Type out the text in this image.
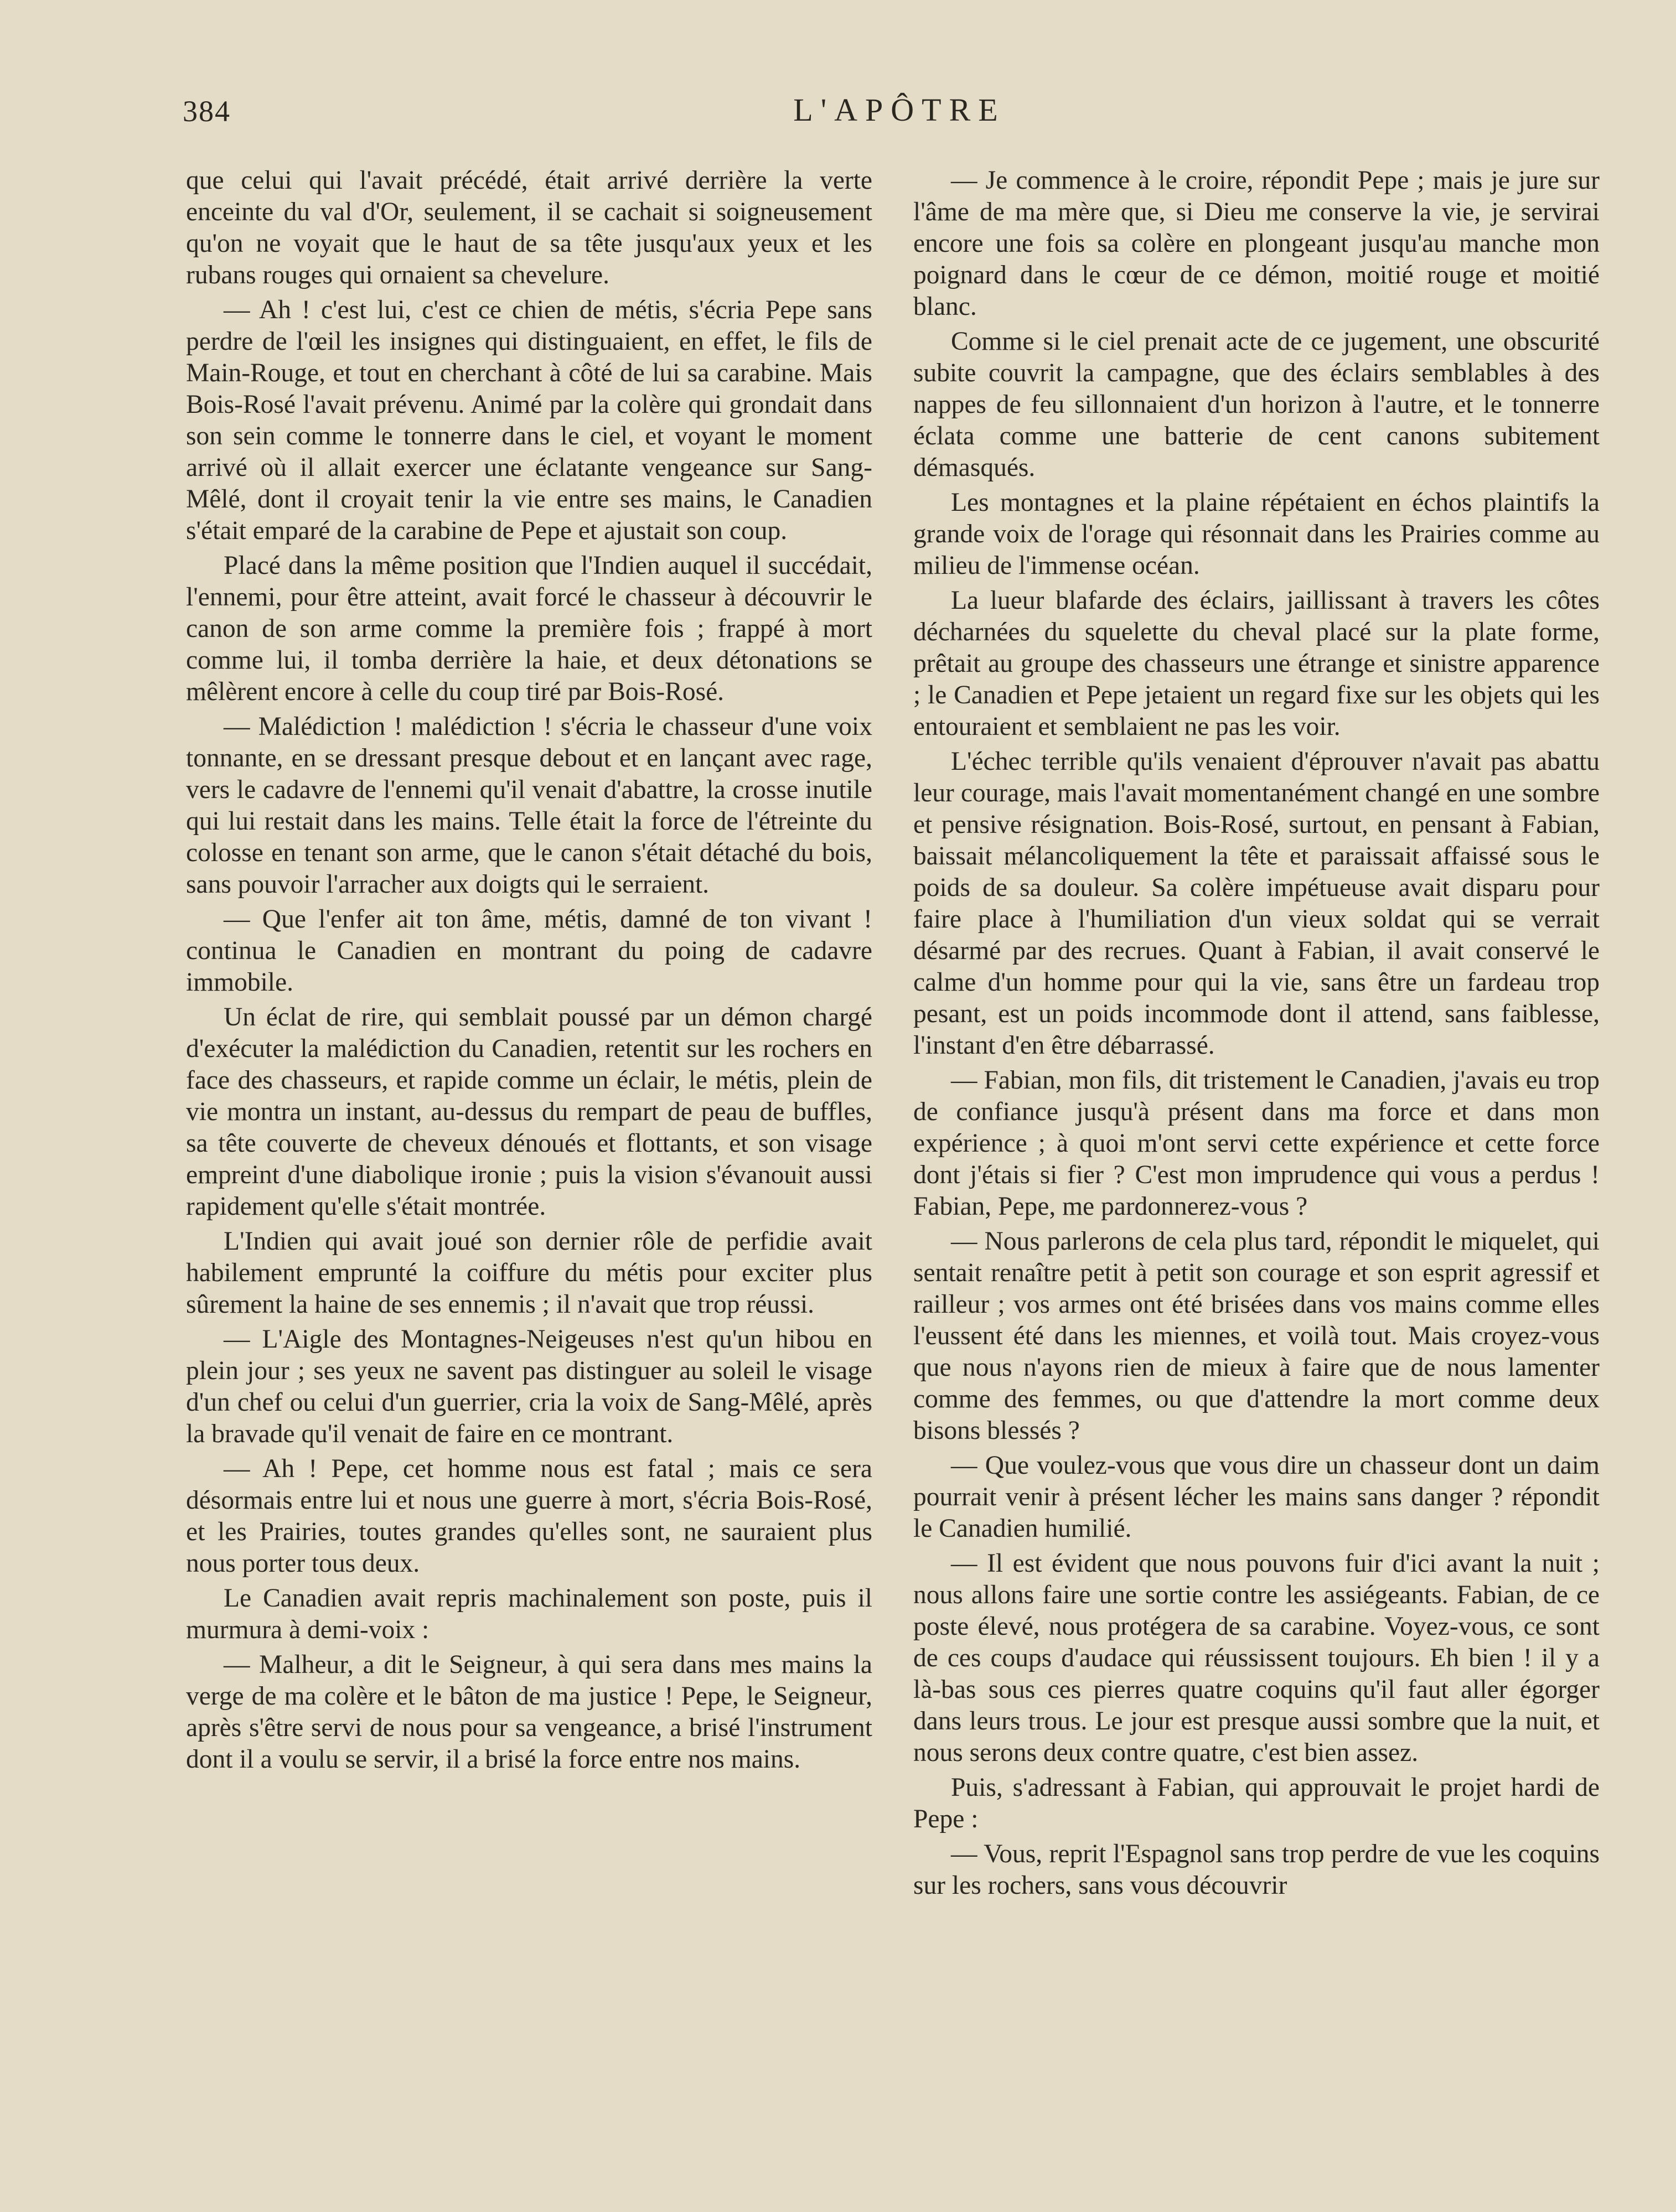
384	L'APÔTRE

que celui qui l'avait précédé, était arrivé derrière la verte enceinte du val d'Or, seulement, il se cachait si soigneusement qu'on ne voyait que le haut de sa tête jusqu'aux yeux et les rubans rouges qui ornaient sa chevelure.

— Ah ! c'est lui, c'est ce chien de métis, s'écria Pepe sans perdre de l'œil les insignes qui distinguaient, en effet, le fils de Main-Rouge, et tout en cherchant à côté de lui sa carabine. Mais Bois-Rosé l'avait prévenu. Animé par la colère qui grondait dans son sein comme le tonnerre dans le ciel, et voyant le moment arrivé où il allait exercer une éclatante vengeance sur Sang-Mêlé, dont il croyait tenir la vie entre ses mains, le Canadien s'était emparé de la carabine de Pepe et ajustait son coup.

Placé dans la même position que l'Indien auquel il succédait, l'ennemi, pour être atteint, avait forcé le chasseur à découvrir le canon de son arme comme la première fois ; frappé à mort comme lui, il tomba derrière la haie, et deux détonations se mêlèrent encore à celle du coup tiré par Bois-Rosé.

— Malédiction ! malédiction ! s'écria le chasseur d'une voix tonnante, en se dressant presque debout et en lançant avec rage, vers le cadavre de l'ennemi qu'il venait d'abattre, la crosse inutile qui lui restait dans les mains. Telle était la force de l'étreinte du colosse en tenant son arme, que le canon s'était détaché du bois, sans pouvoir l'arracher aux doigts qui le serraient.

— Que l'enfer ait ton âme, métis, damné de ton vivant ! continua le Canadien en montrant du poing de cadavre immobile.

Un éclat de rire, qui semblait poussé par un démon chargé d'exécuter la malédiction du Canadien, retentit sur les rochers en face des chasseurs, et rapide comme un éclair, le métis, plein de vie montra un instant, au-dessus du rempart de peau de buffles, sa tête couverte de cheveux dénoués et flottants, et son visage empreint d'une diabolique ironie ; puis la vision s'évanouit aussi rapidement qu'elle s'était montrée.

L'Indien qui avait joué son dernier rôle de perfidie avait habilement emprunté la coiffure du métis pour exciter plus sûrement la haine de ses ennemis ; il n'avait que trop réussi.

— L'Aigle des Montagnes-Neigeuses n'est qu'un hibou en plein jour ; ses yeux ne savent pas distinguer au soleil le visage d'un chef ou celui d'un guerrier, cria la voix de Sang-Mêlé, après la bravade qu'il venait de faire en ce montrant.

— Ah ! Pepe, cet homme nous est fatal ; mais ce sera désormais entre lui et nous une guerre à mort, s'écria Bois-Rosé, et les Prairies, toutes grandes qu'elles sont, ne sauraient plus nous porter tous deux.

Le Canadien avait repris machinalement son poste, puis il murmura à demi-voix :

— Malheur, a dit le Seigneur, à qui sera dans mes mains la verge de ma colère et le bâton de ma justice ! Pepe, le Seigneur, après s'être servi de nous pour sa vengeance, a brisé l'instrument dont il a voulu se servir, il a brisé la force entre nos mains.

— Je commence à le croire, répondit Pepe ; mais je jure sur l'âme de ma mère que, si Dieu me conserve la vie, je servirai encore une fois sa colère en plongeant jusqu'au manche mon poignard dans le cœur de ce démon, moitié rouge et moitié blanc.

Comme si le ciel prenait acte de ce jugement, une obscurité subite couvrit la campagne, que des éclairs semblables à des nappes de feu sillonnaient d'un horizon à l'autre, et le tonnerre éclata comme une batterie de cent canons subitement démasqués.

Les montagnes et la plaine répétaient en échos plaintifs la grande voix de l'orage qui résonnait dans les Prairies comme au milieu de l'immense océan.

La lueur blafarde des éclairs, jaillissant à travers les côtes décharnées du squelette du cheval placé sur la plate forme, prêtait au groupe des chasseurs une étrange et sinistre apparence ; le Canadien et Pepe jetaient un regard fixe sur les objets qui les entouraient et semblaient ne pas les voir.

L'échec terrible qu'ils venaient d'éprouver n'avait pas abattu leur courage, mais l'avait momentanément changé en une sombre et pensive résignation. Bois-Rosé, surtout, en pensant à Fabian, baissait mélancoliquement la tête et paraissait affaissé sous le poids de sa douleur. Sa colère impétueuse avait disparu pour faire place à l'humiliation d'un vieux soldat qui se verrait désarmé par des recrues. Quant à Fabian, il avait conservé le calme d'un homme pour qui la vie, sans être un fardeau trop pesant, est un poids incommode dont il attend, sans faiblesse, l'instant d'en être débarrassé.

— Fabian, mon fils, dit tristement le Canadien, j'avais eu trop de confiance jusqu'à présent dans ma force et dans mon expérience ; à quoi m'ont servi cette expérience et cette force dont j'étais si fier ? C'est mon imprudence qui vous a perdus ! Fabian, Pepe, me pardonnerez-vous ?

— Nous parlerons de cela plus tard, répondit le miquelet, qui sentait renaître petit à petit son courage et son esprit agressif et railleur ; vos armes ont été brisées dans vos mains comme elles l'eussent été dans les miennes, et voilà tout. Mais croyez-vous que nous n'ayons rien de mieux à faire que de nous lamenter comme des femmes, ou que d'attendre la mort comme deux bisons blessés ?

— Que voulez-vous que vous dire un chasseur dont un daim pourrait venir à présent lécher les mains sans danger ? répondit le Canadien humilié.

— Il est évident que nous pouvons fuir d'ici avant la nuit ; nous allons faire une sortie contre les assiégeants. Fabian, de ce poste élevé, nous protégera de sa carabine. Voyez-vous, ce sont de ces coups d'audace qui réussissent toujours. Eh bien ! il y a là-bas sous ces pierres quatre coquins qu'il faut aller égorger dans leurs trous. Le jour est presque aussi sombre que la nuit, et nous serons deux contre quatre, c'est bien assez.

Puis, s'adressant à Fabian, qui approuvait le projet hardi de Pepe :

— Vous, reprit l'Espagnol sans trop perdre de vue les coquins sur les rochers, sans vous découvrir
